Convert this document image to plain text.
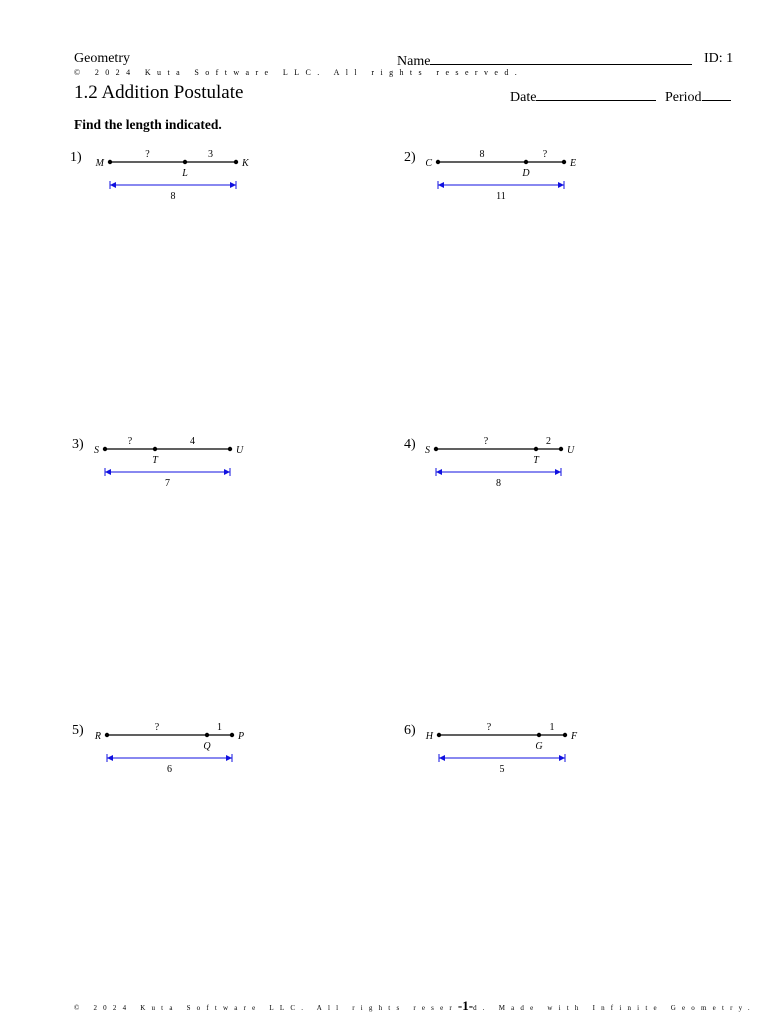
Geometry	Name	ID: 1
© 2024 Kuta Software LLC. All rights reserved.
1.2 Addition Postulate	Date	Period
Find the length indicated.
1) M	K
L
?	3
8
2) C	E
D
8	?
11
3) S	U
T
?	4
7
4) S	U
T
?	2
8
5) R	P
Q
?	1
6
6) H	F
G
?	1
5
© 2024 Kuta Software LLC. All rights reser-1-d. Made with Infinite Geometry.
